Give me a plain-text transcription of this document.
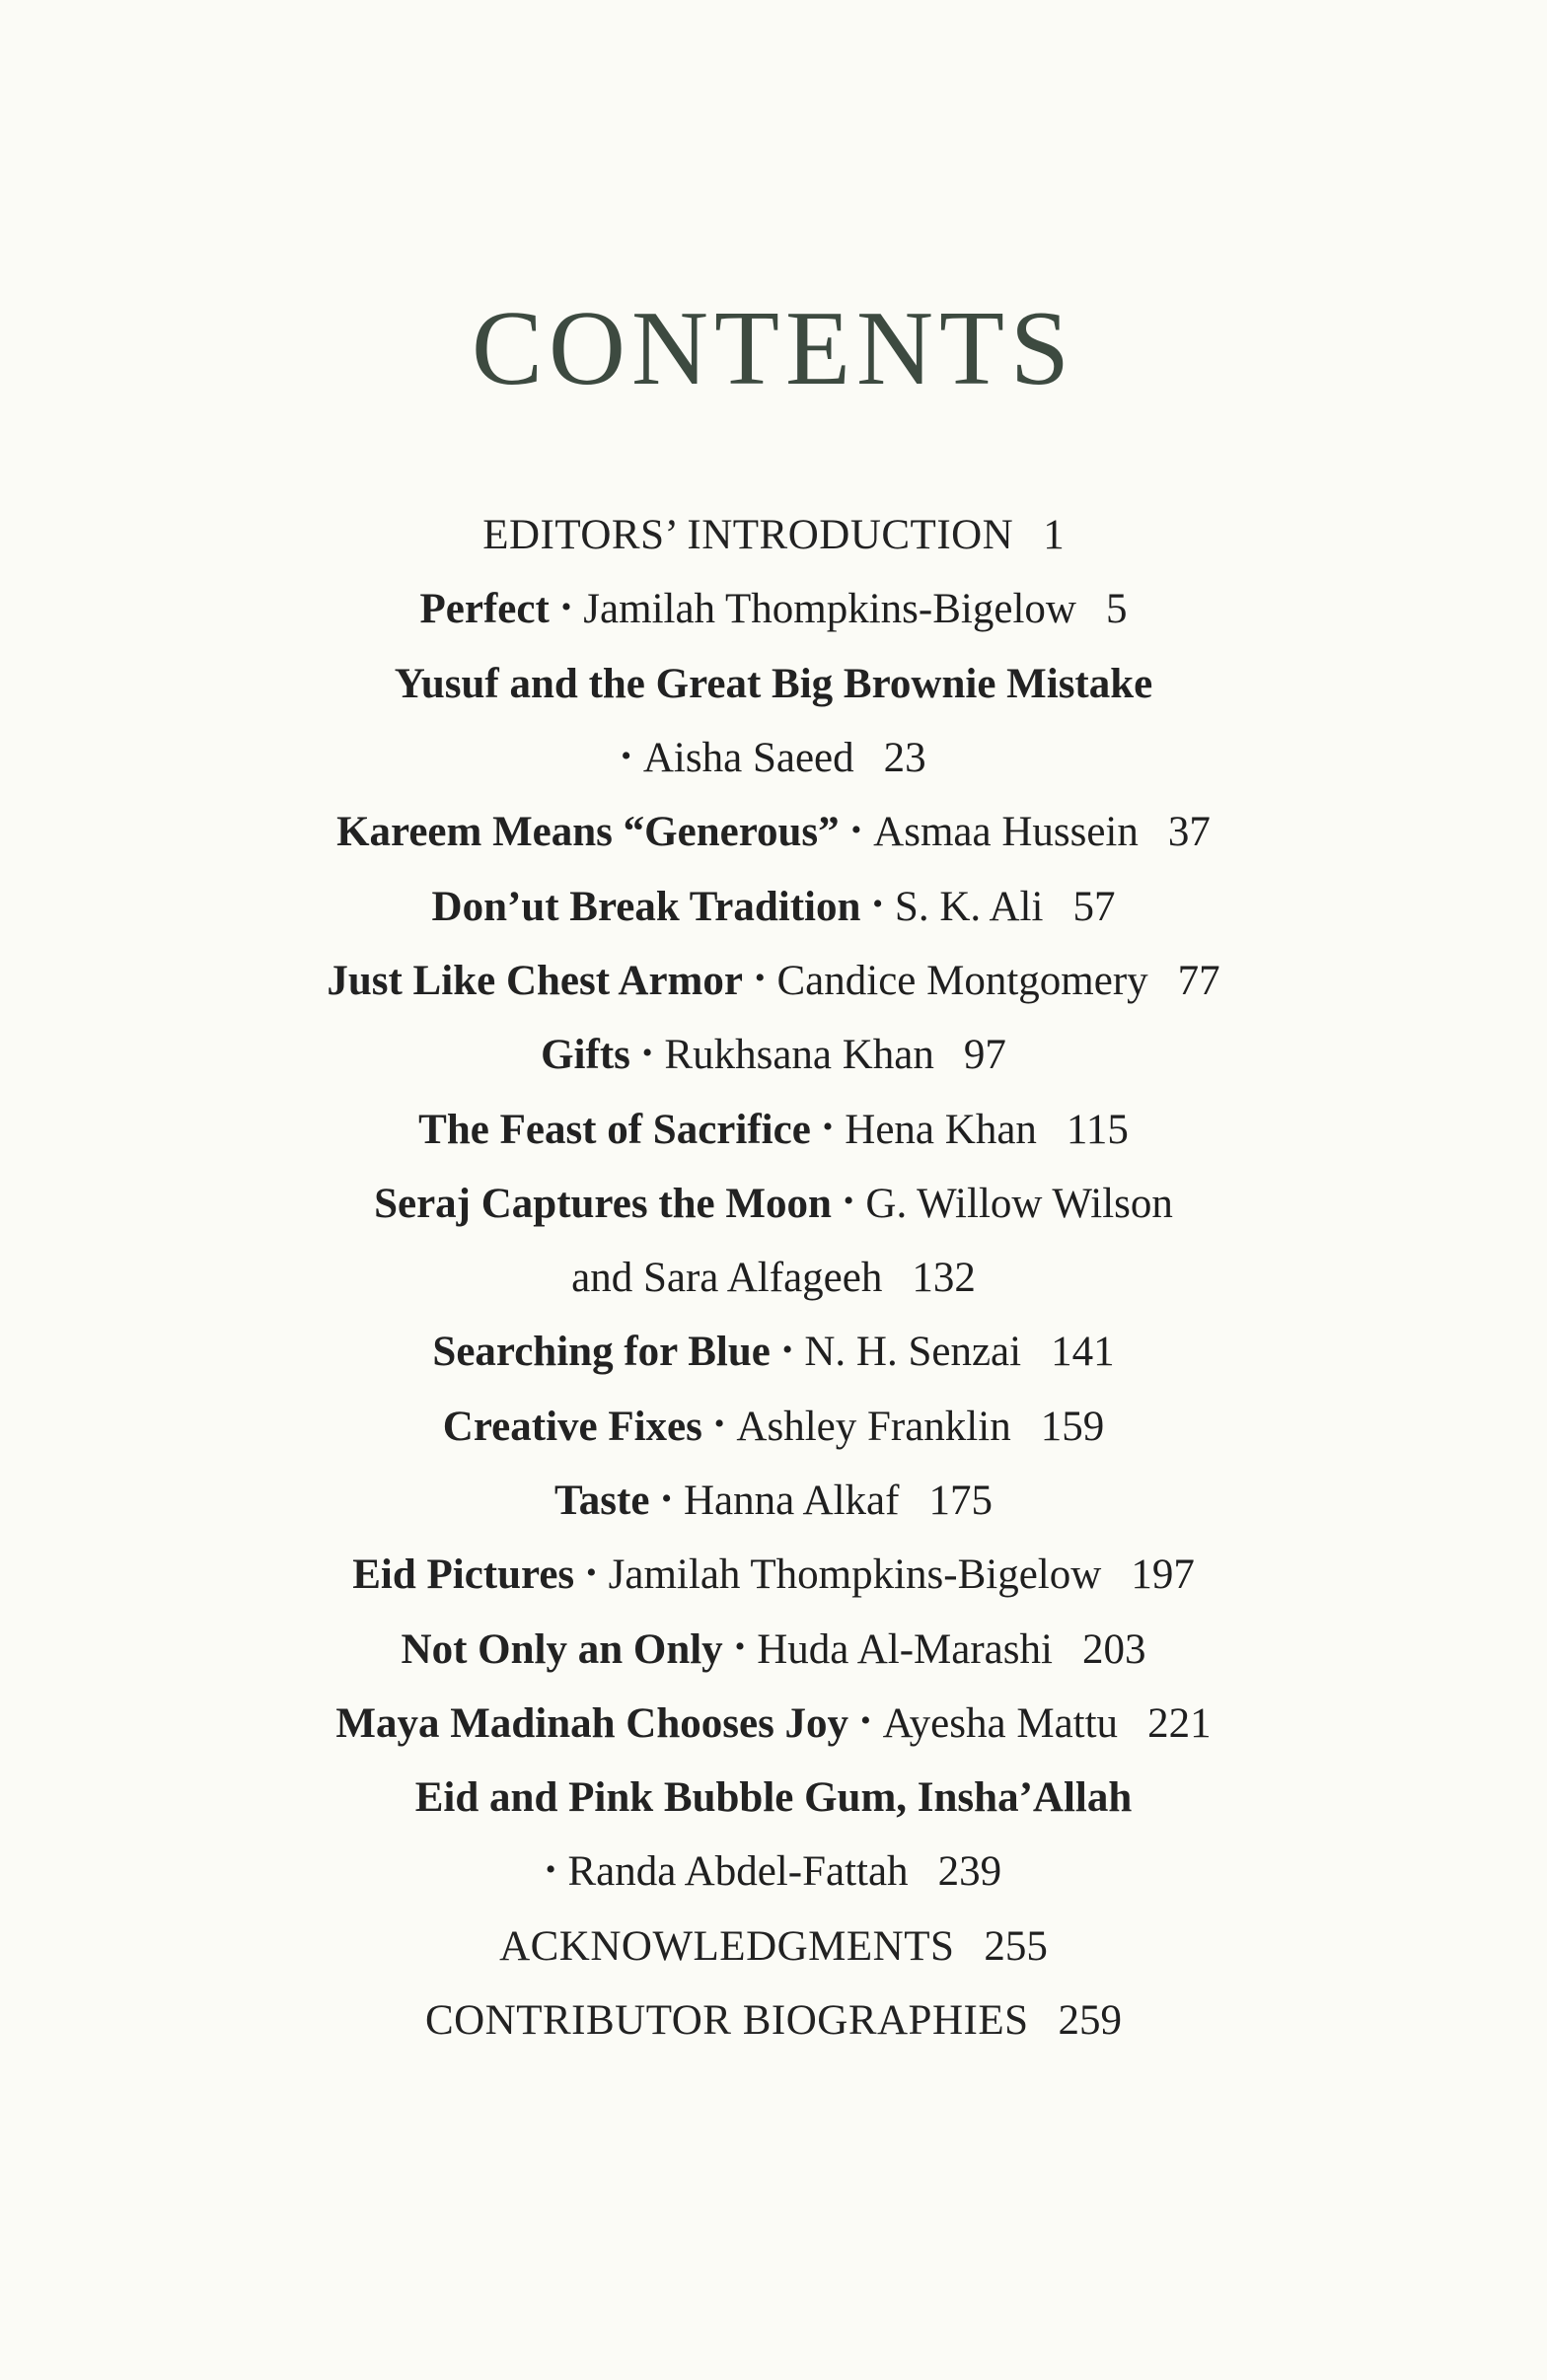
CONTENTS
EDITORS’ INTRODUCTION 1
Perfect • Jamilah Thompkins-Bigelow 5
Yusuf and the Great Big Brownie Mistake
• Aisha Saeed 23
Kareem Means “Generous” • Asmaa Hussein 37
Don’ut Break Tradition • S. K. Ali 57
Just Like Chest Armor • Candice Montgomery 77
Gifts • Rukhsana Khan 97
The Feast of Sacrifice • Hena Khan 115
Seraj Captures the Moon • G. Willow Wilson
and Sara Alfageeh 132
Searching for Blue • N. H. Senzai 141
Creative Fixes • Ashley Franklin 159
Taste • Hanna Alkaf 175
Eid Pictures • Jamilah Thompkins-Bigelow 197
Not Only an Only • Huda Al-Marashi 203
Maya Madinah Chooses Joy • Ayesha Mattu 221
Eid and Pink Bubble Gum, Insha’Allah
• Randa Abdel-Fattah 239
ACKNOWLEDGMENTS 255
CONTRIBUTOR BIOGRAPHIES 259
